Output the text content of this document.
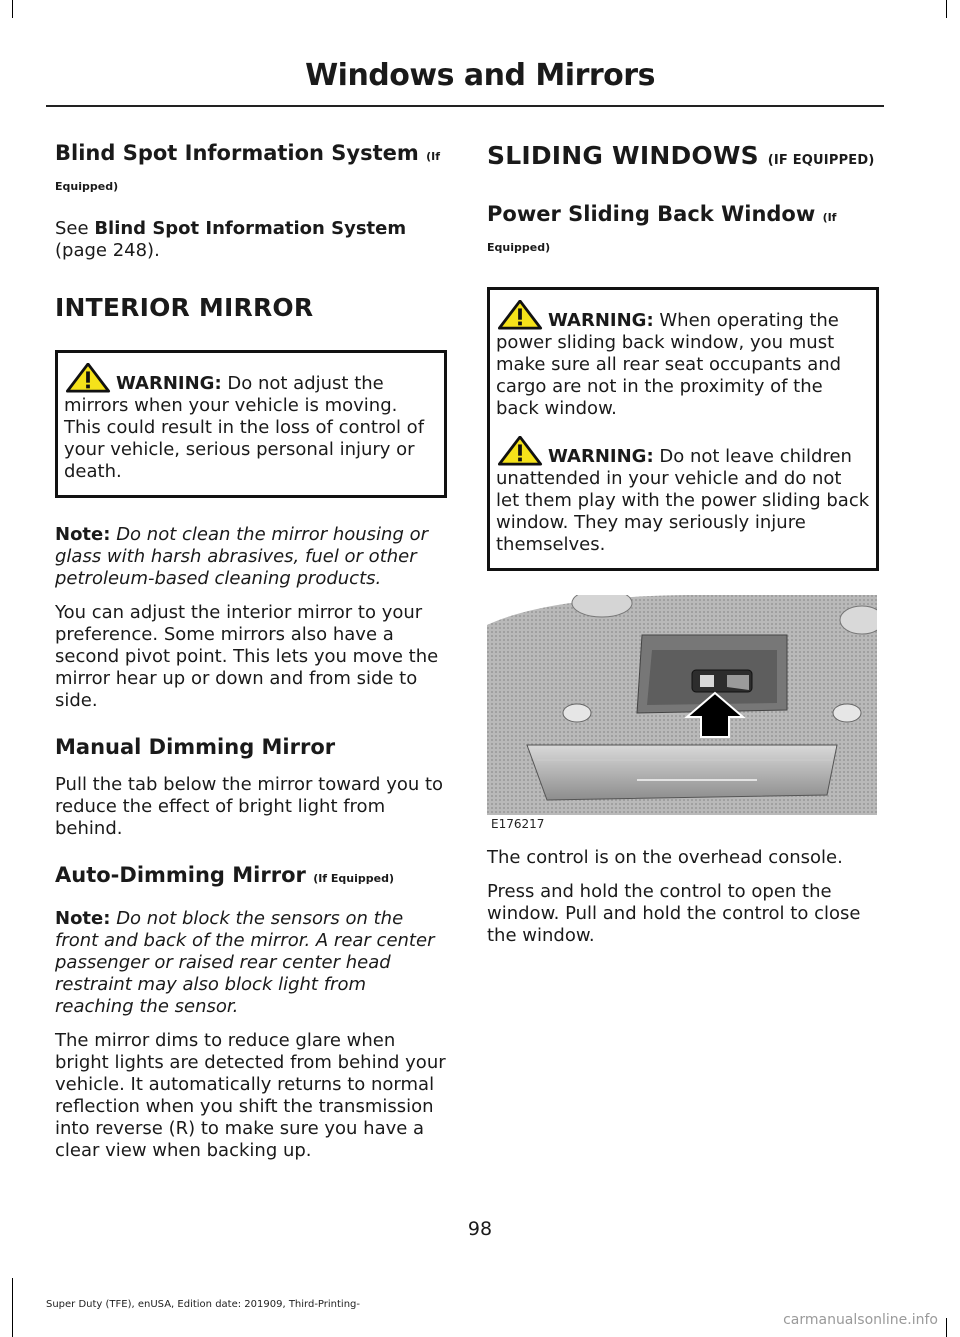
Windows and Mirrors
Blind Spot Information System (If Equipped)

See Blind Spot Information System (page 248).

INTERIOR MIRROR

WARNING: Do not adjust the mirrors when your vehicle is moving. This could result in the loss of control of your vehicle, serious personal injury or death.

Note: Do not clean the mirror housing or glass with harsh abrasives, fuel or other petroleum-based cleaning products.

You can adjust the interior mirror to your preference. Some mirrors also have a second pivot point. This lets you move the mirror hear up or down and from side to side.

Manual Dimming Mirror

Pull the tab below the mirror toward you to reduce the effect of bright light from behind.

Auto-Dimming Mirror (If Equipped)

Note: Do not block the sensors on the front and back of the mirror. A rear center passenger or raised rear center head restraint may also block light from reaching the sensor.

The mirror dims to reduce glare when bright lights are detected from behind your vehicle. It automatically returns to normal reflection when you shift the transmission into reverse (R) to make sure you have a clear view when backing up.

SLIDING WINDOWS (IF EQUIPPED)
Power Sliding Back Window (If Equipped)

WARNING: When operating the power sliding back window, you must make sure all rear seat occupants and cargo are not in the proximity of the back window.

WARNING: Do not leave children unattended in your vehicle and do not let them play with the power sliding back window. They may seriously injure themselves.

E176217

The control is on the overhead console.

Press and hold the control to open the window. Pull and hold the control to close the window.

98
Super Duty (TFE), enUSA, Edition date: 201909, Third-Printing-
carmanualsonline.info
